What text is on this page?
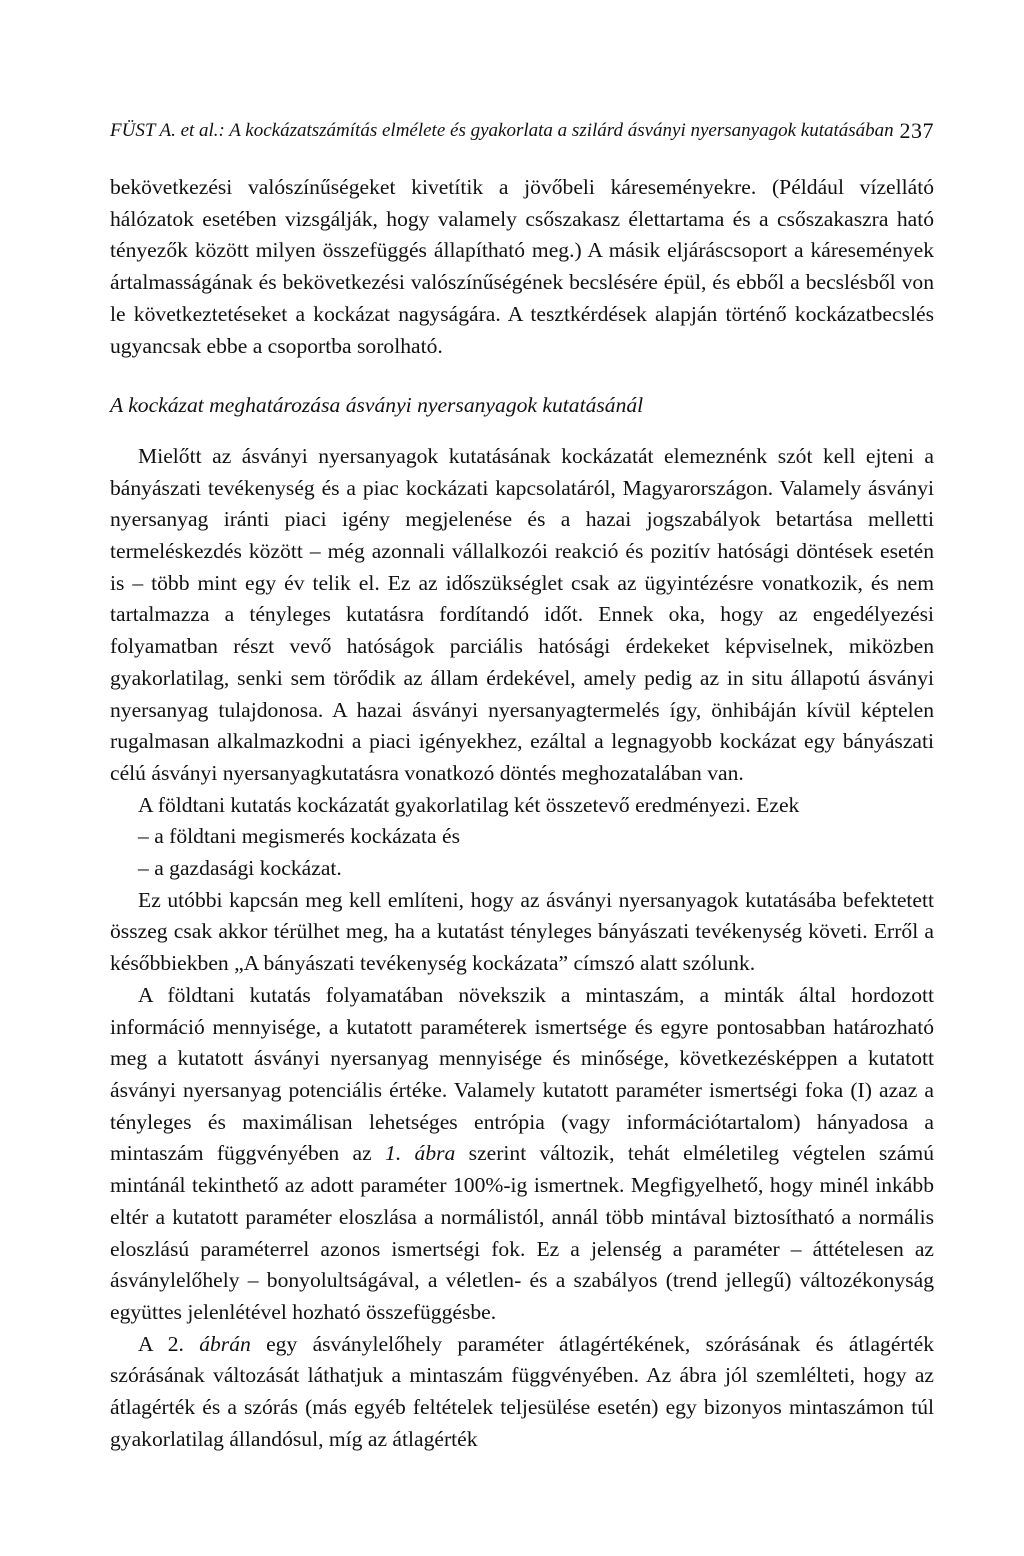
FÜST A. et al.: A kockázatszámítás elmélete és gyakorlata a szilárd ásványi nyersanyagok kutatásában 237

bekövetkezési valószínűségeket kivetítik a jövőbeli káreseményekre. (Például vízellátó hálózatok esetében vizsgálják, hogy valamely csőszakasz élettartama és a csőszakaszra ható tényezők között milyen összefüggés állapítható meg.) A másik eljáráscsoport a káresemények ártalmasságának és bekövetkezési valószínűségének becslésére épül, és ebből a becslésből von le következtetéseket a kockázat nagyságára. A tesztkérdések alapján történő kockázatbecslés ugyancsak ebbe a csoportba sorolható.

A kockázat meghatározása ásványi nyersanyagok kutatásánál

Mielőtt az ásványi nyersanyagok kutatásának kockázatát elemeznénk szót kell ejteni a bányászati tevékenység és a piac kockázati kapcsolatáról, Magyarországon. Valamely ásványi nyersanyag iránti piaci igény megjelenése és a hazai jogszabályok betartása melletti termeléskezdés között – még azonnali vállalkozói reakció és pozitív hatósági döntések esetén is – több mint egy év telik el. Ez az időszükséglet csak az ügyintézésre vonatkozik, és nem tartalmazza a tényleges kutatásra fordítandó időt. Ennek oka, hogy az engedélyezési folyamatban részt vevő hatóságok parciális hatósági érdekeket képviselnek, miközben gyakorlatilag, senki sem törődik az állam érdekével, amely pedig az in situ állapotú ásványi nyersanyag tulajdonosa. A hazai ásványi nyersanyagtermelés így, önhibáján kívül képtelen rugalmasan alkalmazkodni a piaci igényekhez, ezáltal a legnagyobb kockázat egy bányászati célú ásványi nyersanyagkutatásra vonatkozó döntés meghozatalában van.

A földtani kutatás kockázatát gyakorlatilag két összetevő eredményezi. Ezek

– a földtani megismerés kockázata és

– a gazdasági kockázat.

Ez utóbbi kapcsán meg kell említeni, hogy az ásványi nyersanyagok kutatásába befektetett összeg csak akkor térülhet meg, ha a kutatást tényleges bányászati tevékenység követi. Erről a későbbiekben „A bányászati tevékenység kockázata” címszó alatt szólunk.

A földtani kutatás folyamatában növekszik a mintaszám, a minták által hordozott információ mennyisége, a kutatott paraméterek ismertsége és egyre pontosabban határozható meg a kutatott ásványi nyersanyag mennyisége és minősége, következésképpen a kutatott ásványi nyersanyag potenciális értéke. Valamely kutatott paraméter ismertségi foka (I) azaz a tényleges és maximálisan lehetséges entrópia (vagy információtartalom) hányadosa a mintaszám függvényében az 1. ábra szerint változik, tehát elméletileg végtelen számú mintánál tekinthető az adott paraméter 100%-ig ismertnek. Megfigyelhető, hogy minél inkább eltér a kutatott paraméter eloszlása a normálistól, annál több mintával biztosítható a normális eloszlású paraméterrel azonos ismertségi fok. Ez a jelenség a paraméter – áttételesen az ásványlelőhely – bonyolultságával, a véletlen- és a szabályos (trend jellegű) változékonyság együttes jelenlétével hozható összefüggésbe.

A 2. ábrán egy ásványlelőhely paraméter átlagértékének, szórásának és átlagérték szórásának változását láthatjuk a mintaszám függvényében. Az ábra jól szemlélteti, hogy az átlagérték és a szórás (más egyéb feltételek teljesülése esetén) egy bizonyos mintaszámon túl gyakorlatilag állandósul, míg az átlagérték
